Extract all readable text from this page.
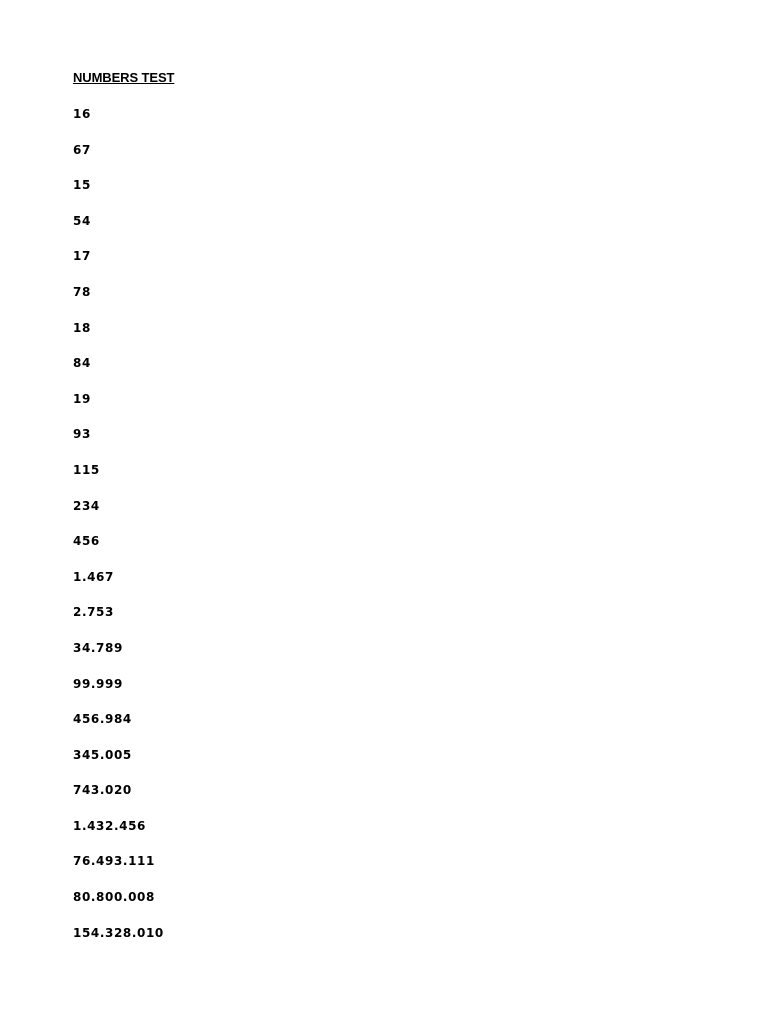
NUMBERS TEST
16
67
15
54
17
78
18
84
19
93
115
234
456
1.467
2.753
34.789
99.999
456.984
345.005
743.020
1.432.456
76.493.111
80.800.008
154.328.010
